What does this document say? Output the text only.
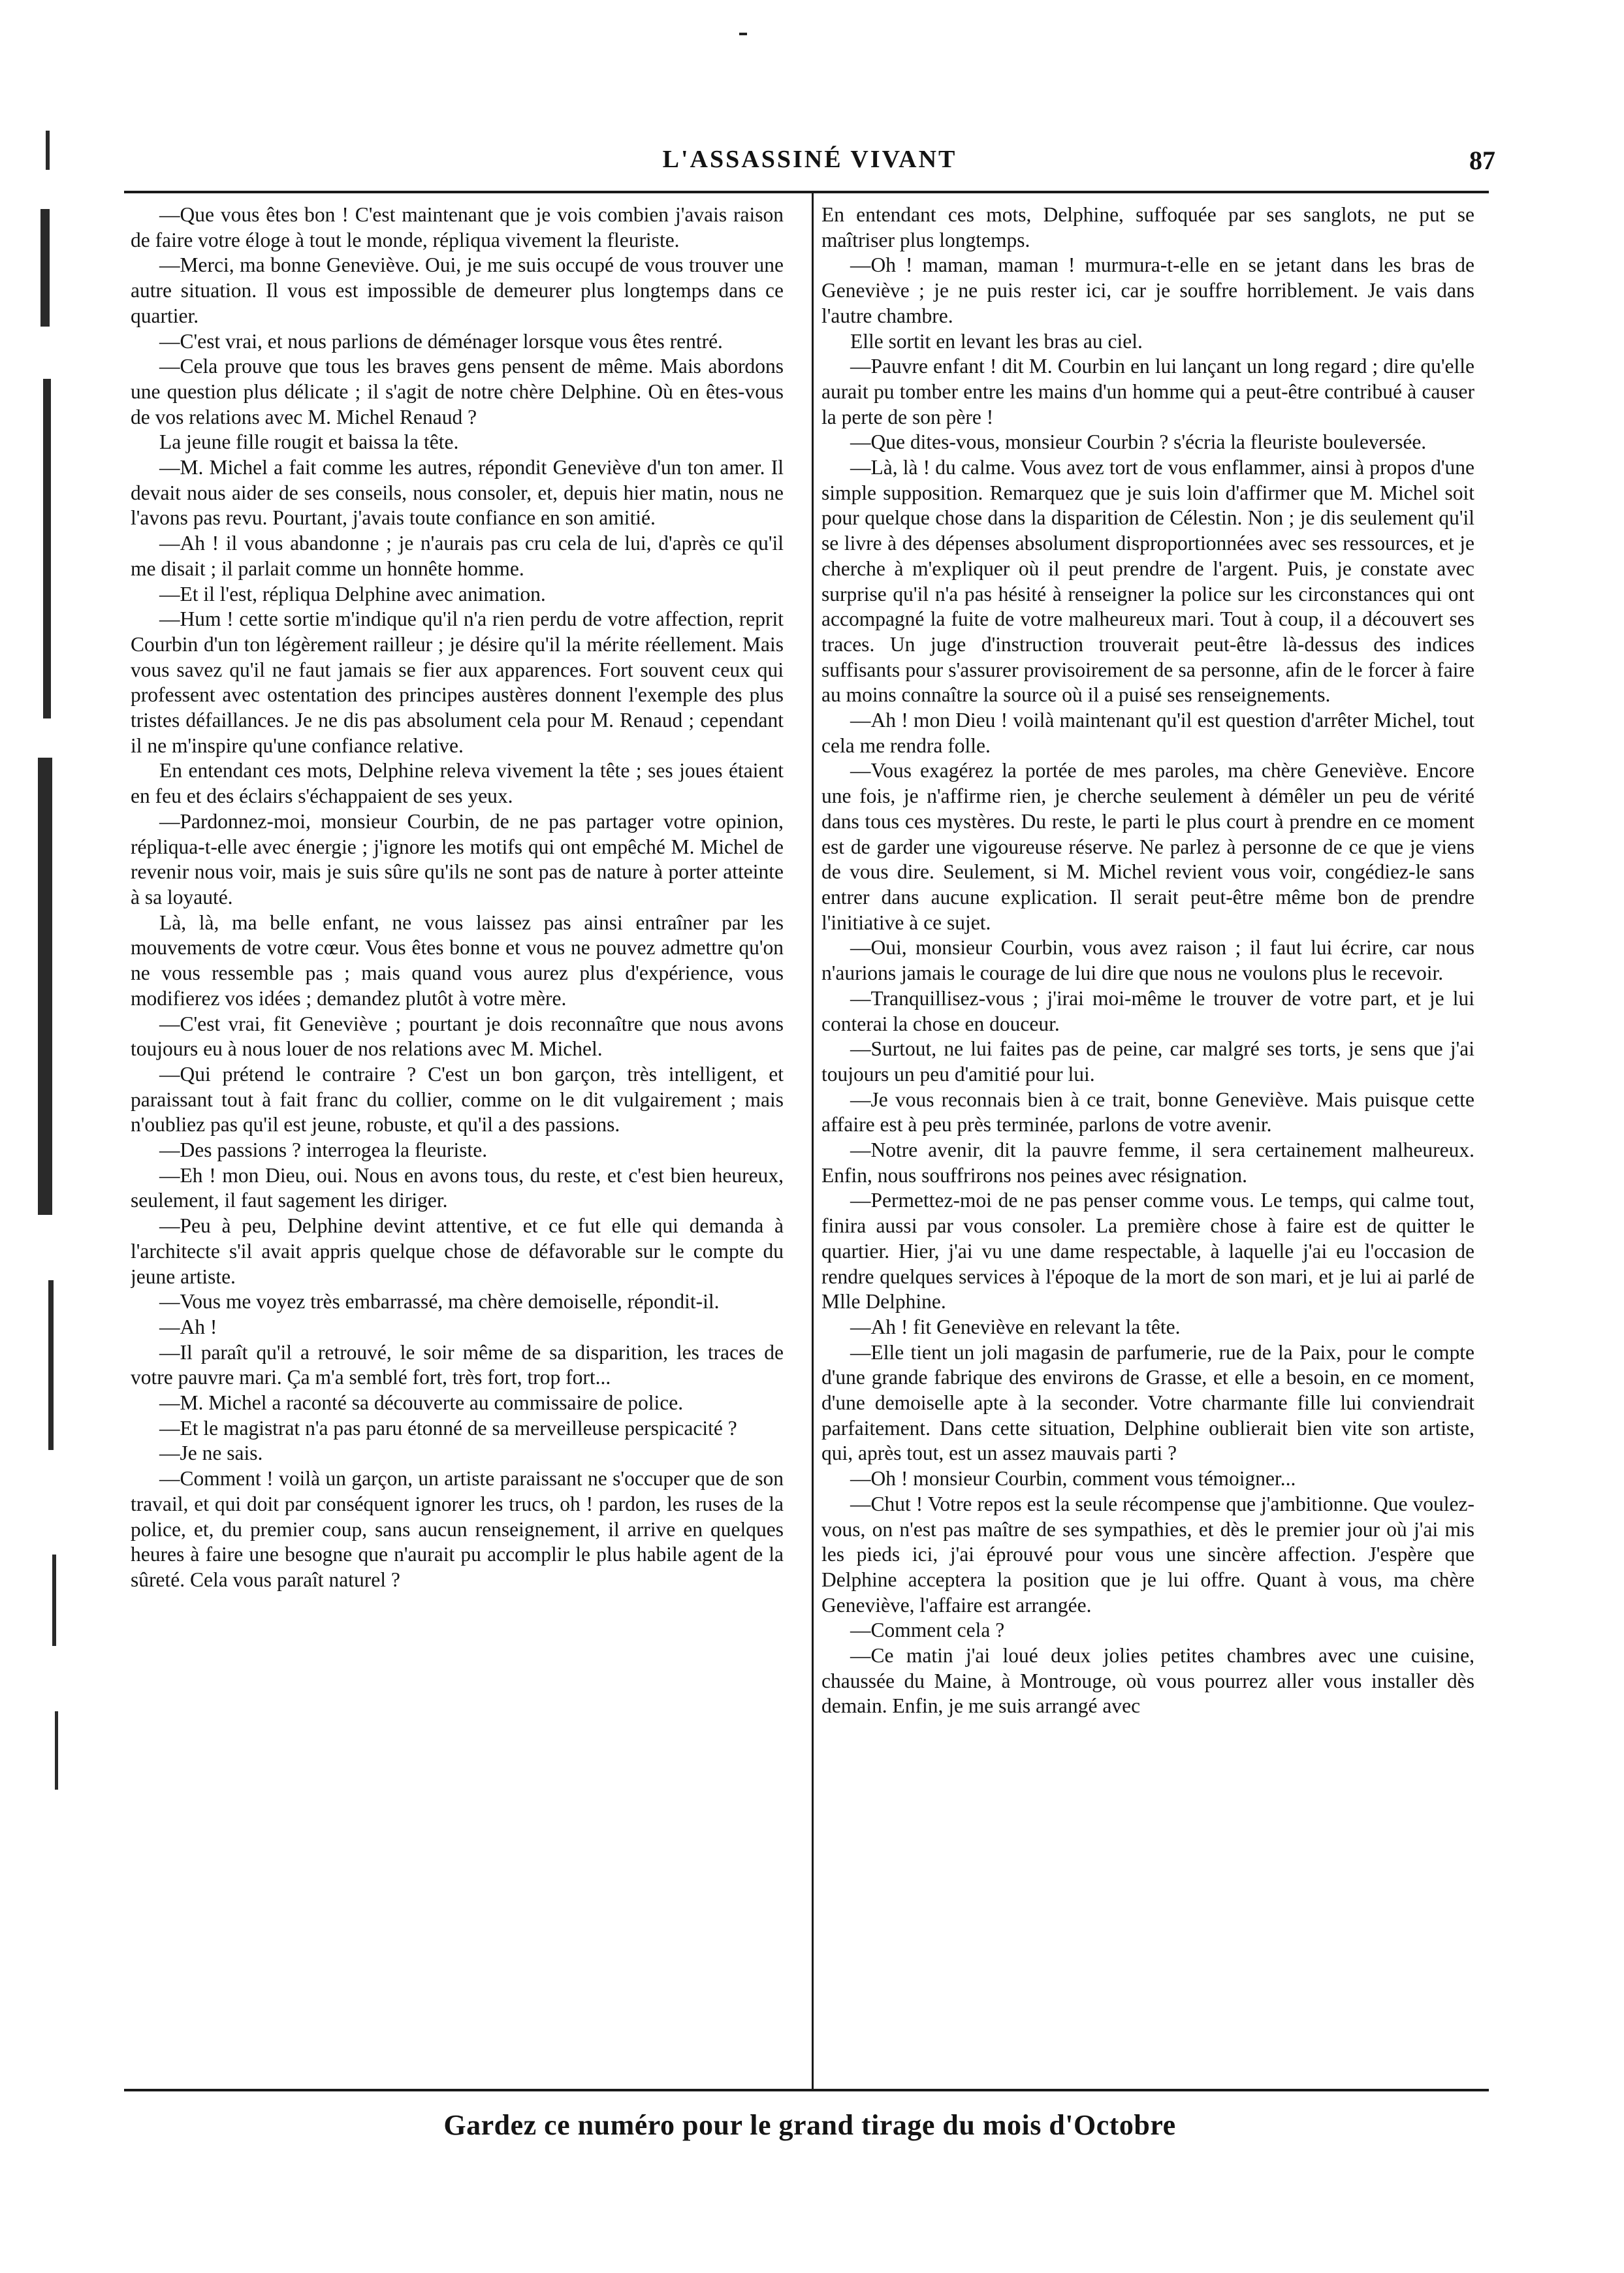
L'ASSASSINÉ VIVANT	87

—Que vous êtes bon ! C'est maintenant que je vois combien j'avais raison de faire votre éloge à tout le monde, répliqua vivement la fleuriste.

—Merci, ma bonne Geneviève. Oui, je me suis occupé de vous trouver une autre situation. Il vous est impossible de demeurer plus longtemps dans ce quartier.

—C'est vrai, et nous parlions de déménager lorsque vous êtes rentré.

—Cela prouve que tous les braves gens pensent de même. Mais abordons une question plus délicate ; il s'agit de notre chère Delphine. Où en êtes-vous de vos relations avec M. Michel Renaud ?

La jeune fille rougit et baissa la tête.

—M. Michel a fait comme les autres, répondit Geneviève d'un ton amer. Il devait nous aider de ses conseils, nous consoler, et, depuis hier matin, nous ne l'avons pas revu. Pourtant, j'avais toute confiance en son amitié.

—Ah ! il vous abandonne ; je n'aurais pas cru cela de lui, d'après ce qu'il me disait ; il parlait comme un honnête homme.

—Et il l'est, répliqua Delphine avec animation.

—Hum ! cette sortie m'indique qu'il n'a rien perdu de votre affection, reprit Courbin d'un ton légèrement railleur ; je désire qu'il la mérite réellement. Mais vous savez qu'il ne faut jamais se fier aux apparences. Fort souvent ceux qui professent avec ostentation des principes austères donnent l'exemple des plus tristes défaillances. Je ne dis pas absolument cela pour M. Renaud ; cependant il ne m'inspire qu'une confiance relative.

En entendant ces mots, Delphine releva vivement la tête ; ses joues étaient en feu et des éclairs s'échappaient de ses yeux.

—Pardonnez-moi, monsieur Courbin, de ne pas partager votre opinion, répliqua-t-elle avec énergie ; j'ignore les motifs qui ont empêché M. Michel de revenir nous voir, mais je suis sûre qu'ils ne sont pas de nature à porter atteinte à sa loyauté.

Là, là, ma belle enfant, ne vous laissez pas ainsi entraîner par les mouvements de votre cœur. Vous êtes bonne et vous ne pouvez admettre qu'on ne vous ressemble pas ; mais quand vous aurez plus d'expérience, vous modifierez vos idées ; demandez plutôt à votre mère.

—C'est vrai, fit Geneviève ; pourtant je dois reconnaître que nous avons toujours eu à nous louer de nos relations avec M. Michel.

—Qui prétend le contraire ? C'est un bon garçon, très intelligent, et paraissant tout à fait franc du collier, comme on le dit vulgairement ; mais n'oubliez pas qu'il est jeune, robuste, et qu'il a des passions.

—Des passions ? interrogea la fleuriste.

—Eh ! mon Dieu, oui. Nous en avons tous, du reste, et c'est bien heureux, seulement, il faut sagement les diriger.

—Peu à peu, Delphine devint attentive, et ce fut elle qui demanda à l'architecte s'il avait appris quelque chose de défavorable sur le compte du jeune artiste.

—Vous me voyez très embarrassé, ma chère demoiselle, répondit-il.

—Ah !

—Il paraît qu'il a retrouvé, le soir même de sa disparition, les traces de votre pauvre mari. Ça m'a semblé fort, très fort, trop fort...

—M. Michel a raconté sa découverte au commissaire de police.

—Et le magistrat n'a pas paru étonné de sa merveilleuse perspicacité ?

—Je ne sais.

—Comment ! voilà un garçon, un artiste paraissant ne s'occuper que de son travail, et qui doit par conséquent ignorer les trucs, oh ! pardon, les ruses de la police, et, du premier coup, sans aucun renseignement, il arrive en quelques heures à faire une besogne que n'aurait pu accomplir le plus habile agent de la sûreté. Cela vous paraît naturel ?

En entendant ces mots, Delphine, suffoquée par ses sanglots, ne put se maîtriser plus longtemps.

—Oh ! maman, maman ! murmura-t-elle en se jetant dans les bras de Geneviève ; je ne puis rester ici, car je souffre horriblement. Je vais dans l'autre chambre.

Elle sortit en levant les bras au ciel.

—Pauvre enfant ! dit M. Courbin en lui lançant un long regard ; dire qu'elle aurait pu tomber entre les mains d'un homme qui a peut-être contribué à causer la perte de son père !

—Que dites-vous, monsieur Courbin ? s'écria la fleuriste bouleversée.

—Là, là ! du calme. Vous avez tort de vous enflammer, ainsi à propos d'une simple supposition. Remarquez que je suis loin d'affirmer que M. Michel soit pour quelque chose dans la disparition de Célestin. Non ; je dis seulement qu'il se livre à des dépenses absolument disproportionnées avec ses ressources, et je cherche à m'expliquer où il peut prendre de l'argent. Puis, je constate avec surprise qu'il n'a pas hésité à renseigner la police sur les circonstances qui ont accompagné la fuite de votre malheureux mari. Tout à coup, il a découvert ses traces. Un juge d'instruction trouverait peut-être là-dessus des indices suffisants pour s'assurer provisoirement de sa personne, afin de le forcer à faire au moins connaître la source où il a puisé ses renseignements.

—Ah ! mon Dieu ! voilà maintenant qu'il est question d'arrêter Michel, tout cela me rendra folle.

—Vous exagérez la portée de mes paroles, ma chère Geneviève. Encore une fois, je n'affirme rien, je cherche seulement à démêler un peu de vérité dans tous ces mystères. Du reste, le parti le plus court à prendre en ce moment est de garder une vigoureuse réserve. Ne parlez à personne de ce que je viens de vous dire. Seulement, si M. Michel revient vous voir, congédiez-le sans entrer dans aucune explication. Il serait peut-être même bon de prendre l'initiative à ce sujet.

—Oui, monsieur Courbin, vous avez raison ; il faut lui écrire, car nous n'aurions jamais le courage de lui dire que nous ne voulons plus le recevoir.

—Tranquillisez-vous ; j'irai moi-même le trouver de votre part, et je lui conterai la chose en douceur.

—Surtout, ne lui faites pas de peine, car malgré ses torts, je sens que j'ai toujours un peu d'amitié pour lui.

—Je vous reconnais bien à ce trait, bonne Geneviève. Mais puisque cette affaire est à peu près terminée, parlons de votre avenir.

—Notre avenir, dit la pauvre femme, il sera certainement malheureux. Enfin, nous souffrirons nos peines avec résignation.

—Permettez-moi de ne pas penser comme vous. Le temps, qui calme tout, finira aussi par vous consoler. La première chose à faire est de quitter le quartier. Hier, j'ai vu une dame respectable, à laquelle j'ai eu l'occasion de rendre quelques services à l'époque de la mort de son mari, et je lui ai parlé de Mlle Delphine.

—Ah ! fit Geneviève en relevant la tête.

—Elle tient un joli magasin de parfumerie, rue de la Paix, pour le compte d'une grande fabrique des environs de Grasse, et elle a besoin, en ce moment, d'une demoiselle apte à la seconder. Votre charmante fille lui conviendrait parfaitement. Dans cette situation, Delphine oublierait bien vite son artiste, qui, après tout, est un assez mauvais parti ?

—Oh ! monsieur Courbin, comment vous témoigner...

—Chut ! Votre repos est la seule récompense que j'ambitionne. Que voulez-vous, on n'est pas maître de ses sympathies, et dès le premier jour où j'ai mis les pieds ici, j'ai éprouvé pour vous une sincère affection. J'espère que Delphine acceptera la position que je lui offre. Quant à vous, ma chère Geneviève, l'affaire est arrangée.

—Comment cela ?

—Ce matin j'ai loué deux jolies petites chambres avec une cuisine, chaussée du Maine, à Montrouge, où vous pourrez aller vous installer dès demain. Enfin, je me suis arrangé avec

Gardez ce numéro pour le grand tirage du mois d'Octobre
